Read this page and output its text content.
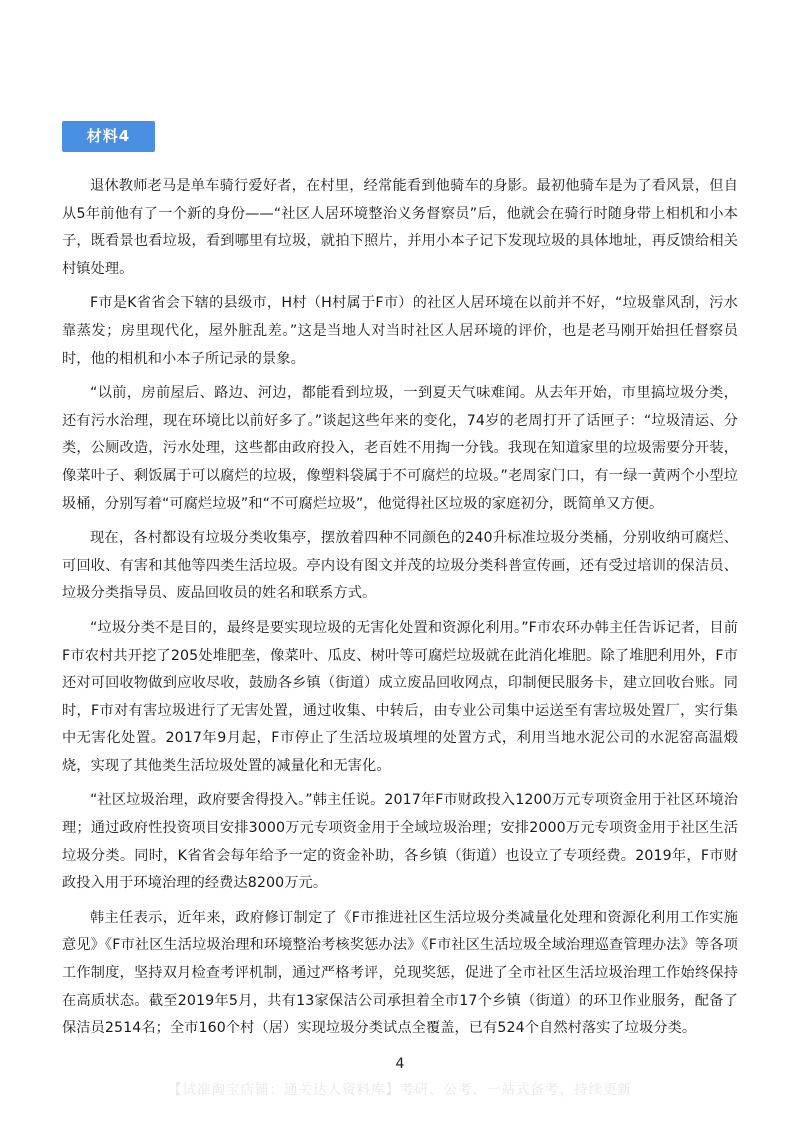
材料4

退休教师老马是单车骑行爱好者，在村里，经常能看到他骑车的身影。最初他骑车是为了看风景，但自从5年前他有了一个新的身份——“社区人居环境整治义务督察员”后，他就会在骑行时随身带上相机和小本子，既看景也看垃圾，看到哪里有垃圾，就拍下照片，并用小本子记下发现垃圾的具体地址，再反馈给相关村镇处理。

F市是K省省会下辖的县级市，H村（H村属于F市）的社区人居环境在以前并不好，“垃圾靠风刮，污水靠蒸发；房里现代化，屋外脏乱差。”这是当地人对当时社区人居环境的评价，也是老马刚开始担任督察员时，他的相机和小本子所记录的景象。

“以前，房前屋后、路边、河边，都能看到垃圾，一到夏天气味难闻。从去年开始，市里搞垃圾分类，还有污水治理，现在环境比以前好多了。”谈起这些年来的变化，74岁的老周打开了话匣子：“垃圾清运、分类，公厕改造，污水处理，这些都由政府投入，老百姓不用掏一分钱。我现在知道家里的垃圾需要分开装，像菜叶子、剩饭属于可以腐烂的垃圾，像塑料袋属于不可腐烂的垃圾。”老周家门口，有一绿一黄两个小型垃圾桶，分别写着“可腐烂垃圾”和“不可腐烂垃圾”，他觉得社区垃圾的家庭初分，既简单又方便。

现在，各村都设有垃圾分类收集亭，摆放着四种不同颜色的240升标准垃圾分类桶，分别收纳可腐烂、可回收、有害和其他等四类生活垃圾。亭内设有图文并茂的垃圾分类科普宣传画，还有受过培训的保洁员、垃圾分类指导员、废品回收员的姓名和联系方式。

“垃圾分类不是目的，最终是要实现垃圾的无害化处置和资源化利用。”F市农环办韩主任告诉记者，目前F市农村共开挖了205处堆肥垄，像菜叶、瓜皮、树叶等可腐烂垃圾就在此消化堆肥。除了堆肥利用外，F市还对可回收物做到应收尽收，鼓励各乡镇（街道）成立废品回收网点，印制便民服务卡，建立回收台账。同时，F市对有害垃圾进行了无害处置，通过收集、中转后，由专业公司集中运送至有害垃圾处置厂，实行集中无害化处置。2017年9月起，F市停止了生活垃圾填埋的处置方式，利用当地水泥公司的水泥窑高温煅烧，实现了其他类生活垃圾处置的减量化和无害化。

“社区垃圾治理，政府要舍得投入。”韩主任说。2017年F市财政投入1200万元专项资金用于社区环境治理；通过政府性投资项目安排3000万元专项资金用于全域垃圾治理；安排2000万元专项资金用于社区生活垃圾分类。同时，K省省会每年给予一定的资金补助，各乡镇（街道）也设立了专项经费。2019年，F市财政投入用于环境治理的经费达8200万元。

韩主任表示，近年来，政府修订制定了《F市推进社区生活垃圾分类减量化处理和资源化利用工作实施意见》《F市社区生活垃圾治理和环境整治考核奖惩办法》《F市社区生活垃圾全域治理巡查管理办法》等各项工作制度，坚持双月检查考评机制，通过严格考评，兑现奖惩，促进了全市社区生活垃圾治理工作始终保持在高质状态。截至2019年5月，共有13家保洁公司承担着全市17个乡镇（街道）的环卫作业服务，配备了保洁员2514名；全市160个村（居）实现垃圾分类试点全覆盖，已有524个自然村落实了垃圾分类。

4
【试准淘宝店铺：通关达人资料库】考研、公考、一站式备考，持续更新
